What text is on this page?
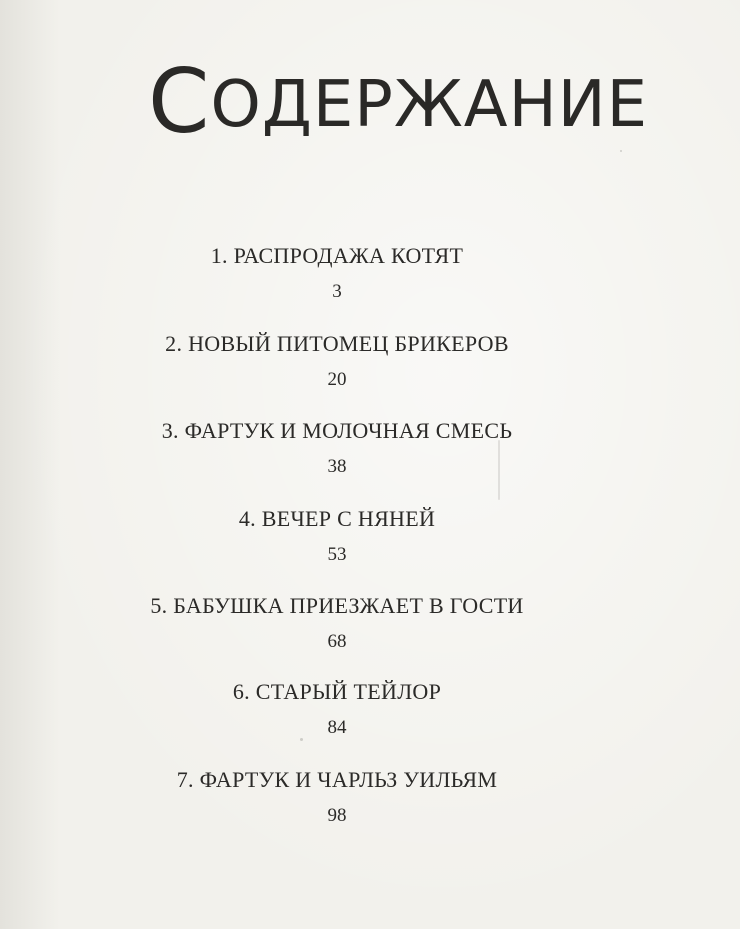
СОДЕРЖАНИЕ
1. РАСПРОДАЖА КОТЯТ
3
2. НОВЫЙ ПИТОМЕЦ БРИКЕРОВ
20
3. ФАРТУК И МОЛОЧНАЯ СМЕСЬ
38
4. ВЕЧЕР С НЯНЕЙ
53
5. БАБУШКА ПРИЕЗЖАЕТ В ГОСТИ
68
6. СТАРЫЙ ТЕЙЛОР
84
7. ФАРТУК И ЧАРЛЬЗ УИЛЬЯМ
98
